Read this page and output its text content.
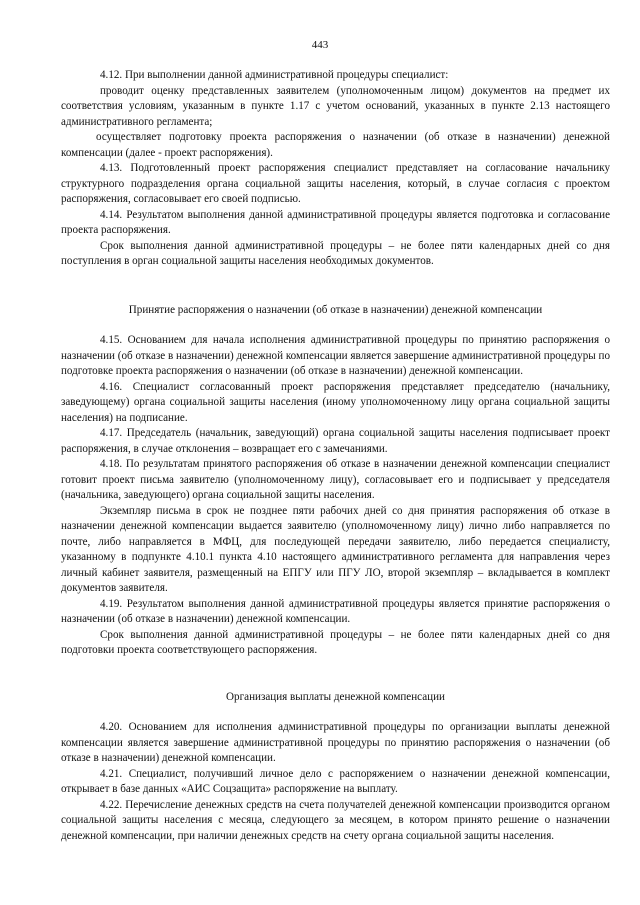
443

4.12. При выполнении данной административной процедуры специалист:

проводит оценку представленных заявителем (уполномоченным лицом) документов на предмет их соответствия условиям, указанным в пункте 1.17 с учетом оснований, указанных в пункте 2.13 настоящего административного регламента;

осуществляет подготовку проекта распоряжения о назначении (об отказе в назначении) денежной компенсации (далее - проект распоряжения).

4.13. Подготовленный проект распоряжения специалист представляет на согласование начальнику структурного подразделения органа социальной защиты населения, который, в случае согласия с проектом распоряжения, согласовывает его своей подписью.

4.14. Результатом выполнения данной административной процедуры является подготовка и согласование проекта распоряжения.

Срок выполнения данной административной процедуры – не более пяти календарных дней со дня поступления в орган социальной защиты населения необходимых документов.

Принятие распоряжения о назначении (об отказе в назначении) денежной компенсации

4.15. Основанием для начала исполнения административной процедуры по принятию распоряжения о назначении (об отказе в назначении) денежной компенсации является завершение административной процедуры по подготовке проекта распоряжения о назначении (об отказе в назначении) денежной компенсации.

4.16. Специалист согласованный проект распоряжения представляет председателю (начальнику, заведующему) органа социальной защиты населения (иному уполномоченному лицу органа социальной защиты населения) на подписание.

4.17. Председатель (начальник, заведующий) органа социальной защиты населения подписывает проект распоряжения, в случае отклонения – возвращает его с замечаниями.

4.18. По результатам принятого распоряжения об отказе в назначении денежной компенсации специалист готовит проект письма заявителю (уполномоченному лицу), согласовывает его и подписывает у председателя (начальника, заведующего) органа социальной защиты населения.

Экземпляр письма в срок не позднее пяти рабочих дней со дня принятия распоряжения об отказе в назначении денежной компенсации выдается заявителю (уполномоченному лицу) лично либо направляется по почте, либо направляется в МФЦ, для последующей передачи заявителю, либо передается специалисту, указанному в подпункте 4.10.1 пункта 4.10 настоящего административного регламента для направления через личный кабинет заявителя, размещенный на ЕПГУ или ПГУ ЛО, второй экземпляр – вкладывается в комплект документов заявителя.

4.19. Результатом выполнения данной административной процедуры является принятие распоряжения о назначении (об отказе в назначении) денежной компенсации.

Срок выполнения данной административной процедуры – не более пяти календарных дней со дня подготовки проекта соответствующего распоряжения.

Организация выплаты денежной компенсации

4.20. Основанием для исполнения административной процедуры по организации выплаты денежной компенсации является завершение административной процедуры по принятию распоряжения о назначении (об отказе в назначении) денежной компенсации.

4.21. Специалист, получивший личное дело с распоряжением о назначении денежной компенсации, открывает в базе данных «АИС Соцзащита» распоряжение на выплату.

4.22. Перечисление денежных средств на счета получателей денежной компенсации производится органом социальной защиты населения с месяца, следующего за месяцем, в котором принято решение о назначении денежной компенсации, при наличии денежных средств на счету органа социальной защиты населения.
